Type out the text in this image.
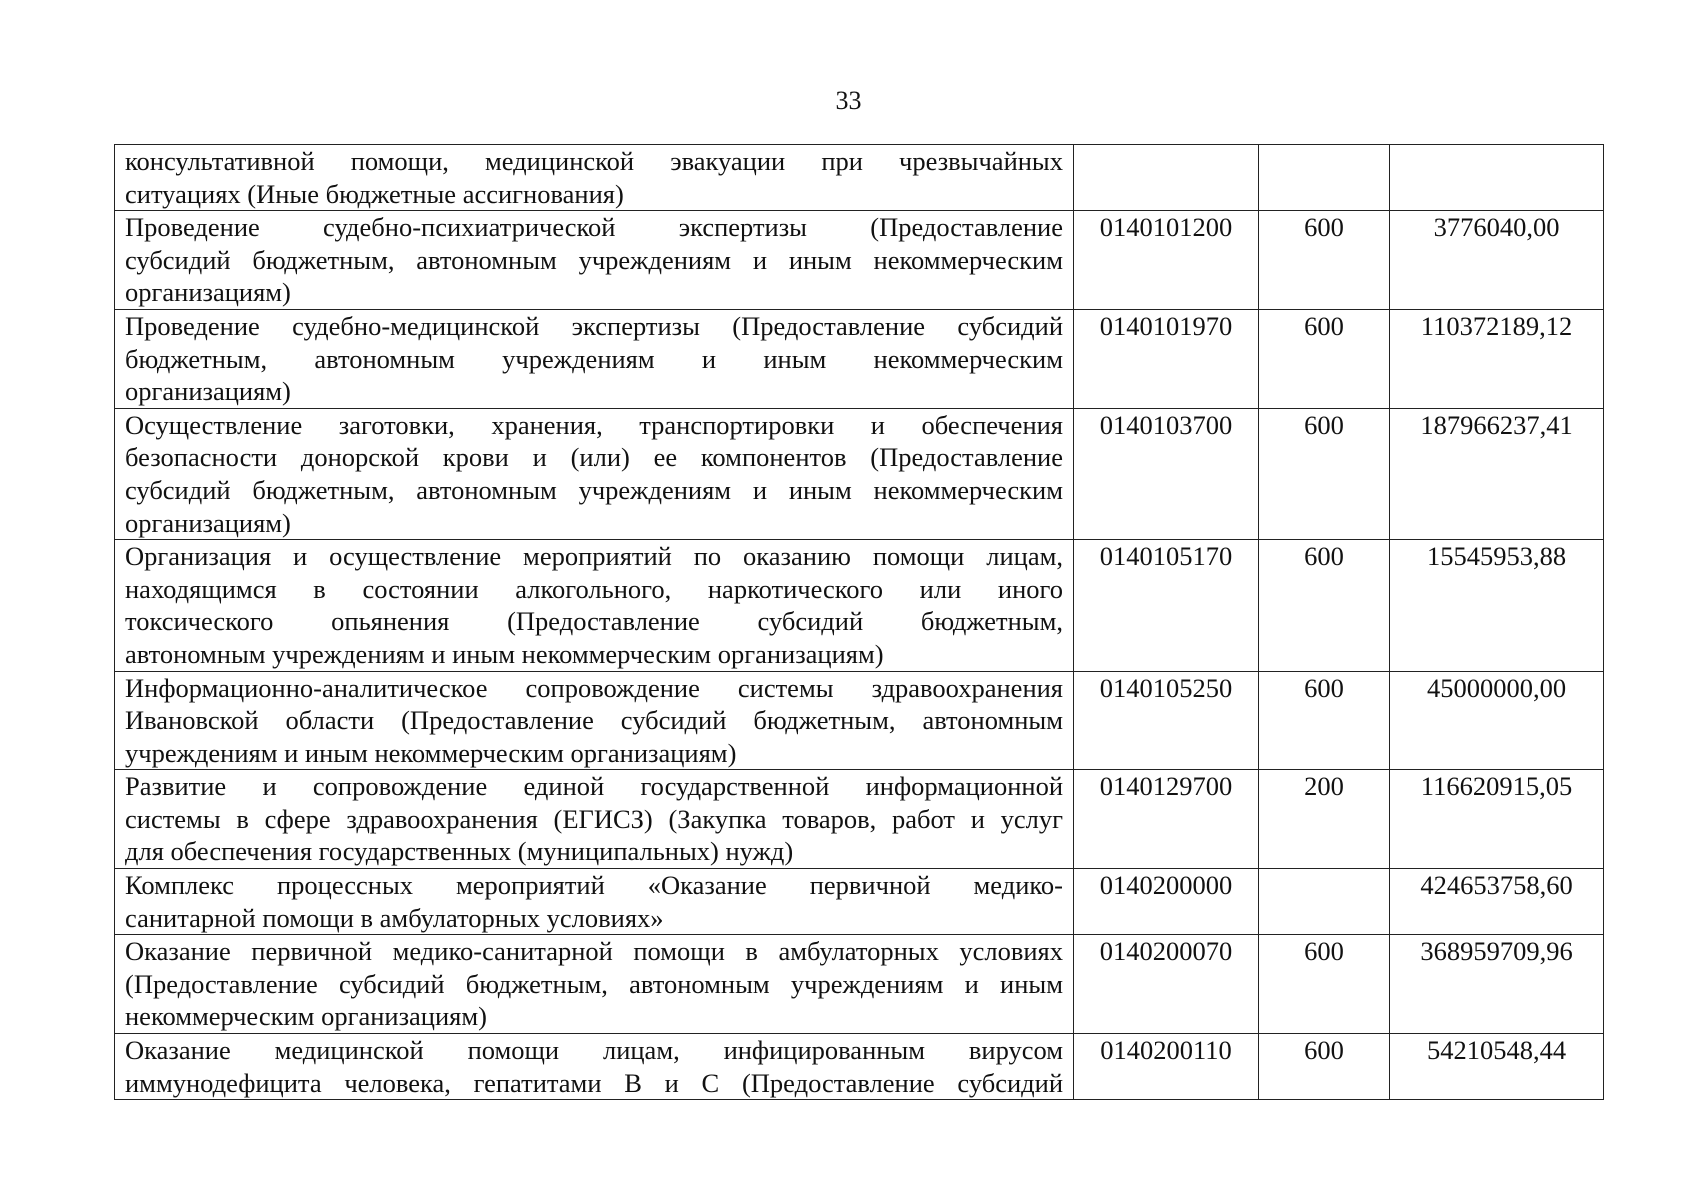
33
консультативной помощи, медицинской эвакуации при чрезвычайных
ситуациях (Иные бюджетные ассигнования)			

Проведение судебно-психиатрической экспертизы (Предоставление
субсидий бюджетным, автономным учреждениям и иным некоммерческим
организациям)	0140101200	600	3776040,00

Проведение судебно-медицинской экспертизы (Предоставление субсидий
бюджетным, автономным учреждениям и иным некоммерческим
организациям)	0140101970	600	110372189,12

Осуществление заготовки, хранения, транспортировки и обеспечения
безопасности донорской крови и (или) ее компонентов (Предоставление
субсидий бюджетным, автономным учреждениям и иным некоммерческим
организациям)	0140103700	600	187966237,41

Организация и осуществление мероприятий по оказанию помощи лицам,
находящимся в состоянии алкогольного, наркотического или иного
токсического опьянения (Предоставление субсидий бюджетным,
автономным учреждениям и иным некоммерческим организациям)	0140105170	600	15545953,88

Информационно-аналитическое сопровождение системы здравоохранения
Ивановской области (Предоставление субсидий бюджетным, автономным
учреждениям и иным некоммерческим организациям)	0140105250	600	45000000,00

Развитие и сопровождение единой государственной информационной
системы в сфере здравоохранения (ЕГИСЗ) (Закупка товаров, работ и услуг
для обеспечения государственных (муниципальных) нужд)	0140129700	200	116620915,05

Комплекс процессных мероприятий «Оказание первичной медико-
санитарной помощи в амбулаторных условиях»	0140200000		424653758,60

Оказание первичной медико-санитарной помощи в амбулаторных условиях
(Предоставление субсидий бюджетным, автономным учреждениям и иным
некоммерческим организациям)	0140200070	600	368959709,96

Оказание медицинской помощи лицам, инфицированным вирусом
иммунодефицита человека, гепатитами B и C (Предоставление субсидий	0140200110	600	54210548,44
